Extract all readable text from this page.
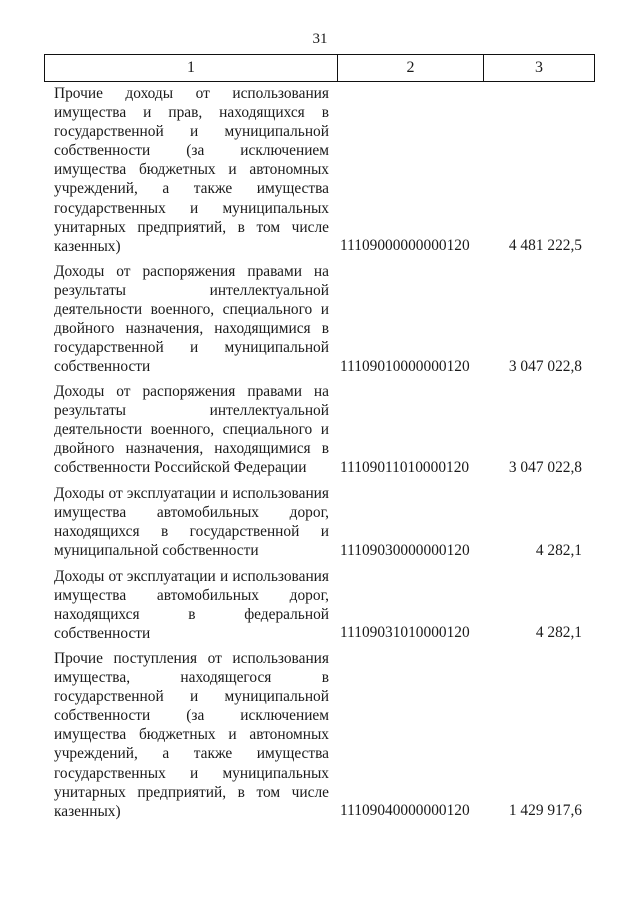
31
1	2	3
Прочие доходы от использования имущества и прав, находящихся в государственной и муниципальной собственности (за исключением имущества бюджетных и автономных учреждений, а также имущества государственных и муниципальных унитарных предприятий, в том числе казенных)	11109000000000120	4 481 222,5
Доходы от распоряжения правами на результаты интеллектуальной деятельности военного, специального и двойного назначения, находящимися в государственной и муниципальной собственности	11109010000000120	3 047 022,8
Доходы от распоряжения правами на результаты интеллектуальной деятельности военного, специального и двойного назначения, находящимися в собственности Российской Федерации	11109011010000120	3 047 022,8
Доходы от эксплуатации и использования имущества автомобильных дорог, находящихся в государственной и муниципальной собственности	11109030000000120	4 282,1
Доходы от эксплуатации и использования имущества автомобильных дорог, находящихся в федеральной собственности	11109031010000120	4 282,1
Прочие поступления от использования имущества, находящегося в государственной и муниципальной собственности (за исключением имущества бюджетных и автономных учреждений, а также имущества государственных и муниципальных унитарных предприятий, в том числе казенных)	11109040000000120	1 429 917,6
